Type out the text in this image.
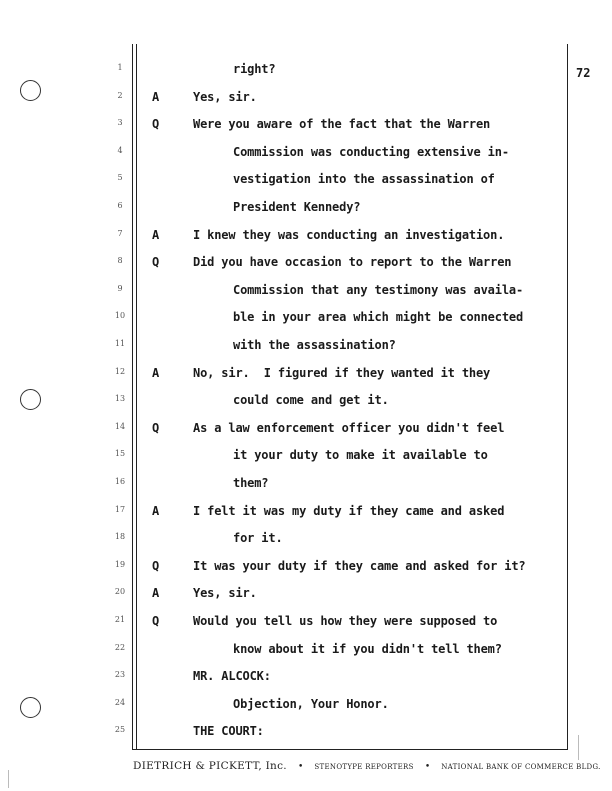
72
1	right?
2	A	Yes, sir.
3	Q	Were you aware of the fact that the Warren
4	Commission was conducting extensive in-
5	vestigation into the assassination of
6	President Kennedy?
7	A	I knew they was conducting an investigation.
8	Q	Did you have occasion to report to the Warren
9	Commission that any testimony was availa-
10	ble in your area which might be connected
11	with the assassination?
12 A	No, sir.  I figured if they wanted it they
13	could come and get it.
14 Q	As a law enforcement officer you didn't feel
15	it your duty to make it available to
16	them?
17 A	I felt it was my duty if they came and asked
18	for it.
19 Q	It was your duty if they came and asked for it?
20 A	Yes, sir.
21 Q	Would you tell us how they were supposed to
22	know about it if you didn't tell them?
23	MR. ALCOCK:
24	Objection, Your Honor.
25	THE COURT:
DIETRICH & PICKETT, Inc. • STENOTYPE REPORTERS • NATIONAL BANK OF COMMERCE BLDG.
